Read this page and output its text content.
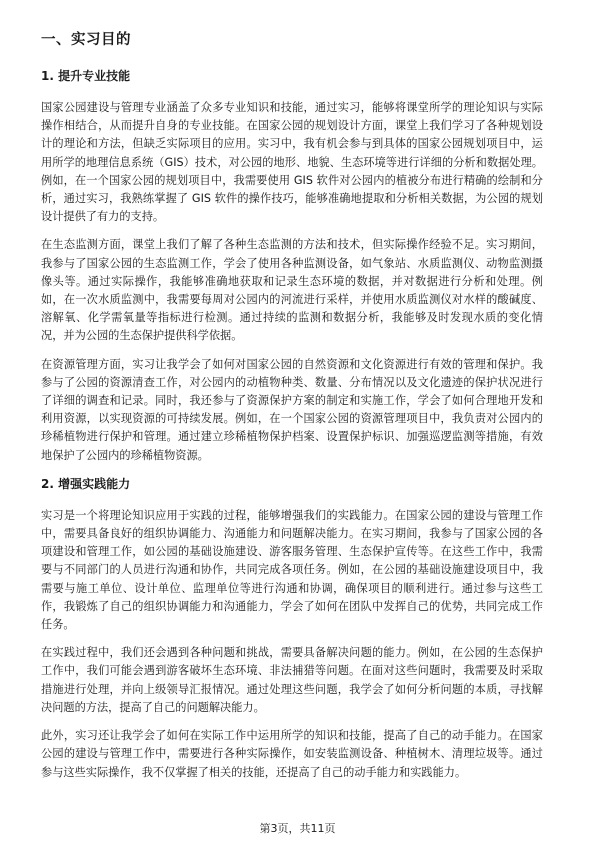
一、实习目的
1. 提升专业技能

国家公园建设与管理专业涵盖了众多专业知识和技能，通过实习，能够将课堂所学的理论知识与实际操作相结合，从而提升自身的专业技能。在国家公园的规划设计方面，课堂上我们学习了各种规划设计的理论和方法，但缺乏实际项目的应用。实习中，我有机会参与到具体的国家公园规划项目中，运用所学的地理信息系统（GIS）技术，对公园的地形、地貌、生态环境等进行详细的分析和数据处理。例如，在一个国家公园的规划项目中，我需要使用 GIS 软件对公园内的植被分布进行精确的绘制和分析，通过实习，我熟练掌握了 GIS 软件的操作技巧，能够准确地提取和分析相关数据，为公园的规划设计提供了有力的支持。

在生态监测方面，课堂上我们了解了各种生态监测的方法和技术，但实际操作经验不足。实习期间，我参与了国家公园的生态监测工作，学会了使用各种监测设备，如气象站、水质监测仪、动物监测摄像头等。通过实际操作，我能够准确地获取和记录生态环境的数据，并对数据进行分析和处理。例如，在一次水质监测中，我需要每周对公园内的河流进行采样，并使用水质监测仪对水样的酸碱度、溶解氧、化学需氧量等指标进行检测。通过持续的监测和数据分析，我能够及时发现水质的变化情况，并为公园的生态保护提供科学依据。

在资源管理方面，实习让我学会了如何对国家公园的自然资源和文化资源进行有效的管理和保护。我参与了公园的资源清查工作，对公园内的动植物种类、数量、分布情况以及文化遗迹的保护状况进行了详细的调查和记录。同时，我还参与了资源保护方案的制定和实施工作，学会了如何合理地开发和利用资源，以实现资源的可持续发展。例如，在一个国家公园的资源管理项目中，我负责对公园内的珍稀植物进行保护和管理。通过建立珍稀植物保护档案、设置保护标识、加强巡逻监测等措施，有效地保护了公园内的珍稀植物资源。

2. 增强实践能力

实习是一个将理论知识应用于实践的过程，能够增强我们的实践能力。在国家公园的建设与管理工作中，需要具备良好的组织协调能力、沟通能力和问题解决能力。在实习期间，我参与了国家公园的各项建设和管理工作，如公园的基础设施建设、游客服务管理、生态保护宣传等。在这些工作中，我需要与不同部门的人员进行沟通和协作，共同完成各项任务。例如，在公园的基础设施建设项目中，我需要与施工单位、设计单位、监理单位等进行沟通和协调，确保项目的顺利进行。通过参与这些工作，我锻炼了自己的组织协调能力和沟通能力，学会了如何在团队中发挥自己的优势，共同完成工作任务。

在实践过程中，我们还会遇到各种问题和挑战，需要具备解决问题的能力。例如，在公园的生态保护工作中，我们可能会遇到游客破坏生态环境、非法捕猎等问题。在面对这些问题时，我需要及时采取措施进行处理，并向上级领导汇报情况。通过处理这些问题，我学会了如何分析问题的本质，寻找解决问题的方法，提高了自己的问题解决能力。

此外，实习还让我学会了如何在实际工作中运用所学的知识和技能，提高了自己的动手能力。在国家公园的建设与管理工作中，需要进行各种实际操作，如安装监测设备、种植树木、清理垃圾等。通过参与这些实际操作，我不仅掌握了相关的技能，还提高了自己的动手能力和实践能力。

第3页，共11页
